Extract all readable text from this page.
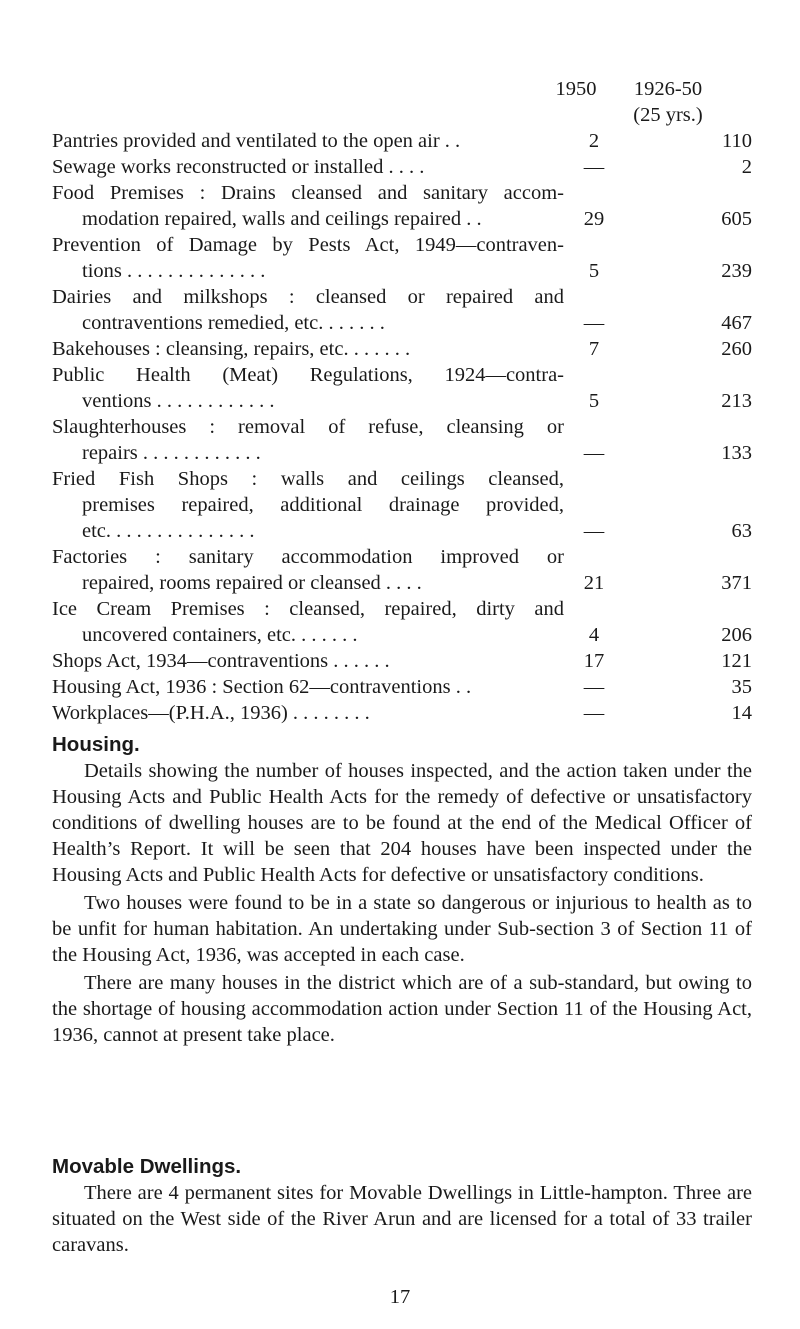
1950	1926-50
(25 yrs.)
Pantries provided and ventilated to the open air . .	2	110
Sewage works reconstructed or installed . . . .	—	2
Food Premises : Drains cleansed and sanitary accom-
modation repaired, walls and ceilings repaired . .	29	605
Prevention of Damage by Pests Act, 1949—contraven-
tions . . . . . . . . . . . . . .	5	239
Dairies and milkshops : cleansed or repaired and
contraventions remedied, etc. . . . . . .	—	467
Bakehouses : cleansing, repairs, etc. . . . . . .	7	260
Public Health (Meat) Regulations, 1924—contra-
ventions . . . . . . . . . . . .	5	213
Slaughterhouses : removal of refuse, cleansing or
repairs . . . . . . . . . . . .	—	133
Fried Fish Shops : walls and ceilings cleansed,
premises repaired, additional drainage provided,
etc. . . . . . . . . . . . . . .	—	63
Factories : sanitary accommodation improved or
repaired, rooms repaired or cleansed . . . .	21	371
Ice Cream Premises : cleansed, repaired, dirty and
uncovered containers, etc. . . . . . .	4	206
Shops Act, 1934—contraventions . . . . . .	17	121
Housing Act, 1936 : Section 62—contraventions . .	—	35
Workplaces—(P.H.A., 1936) . . . . . . . .	—	14
Housing.

Details showing the number of houses inspected, and the action taken under the Housing Acts and Public Health Acts for the remedy of defective or unsatisfactory conditions of dwelling houses are to be found at the end of the Medical Officer of Health’s Report. It will be seen that 204 houses have been inspected under the Housing Acts and Public Health Acts for defective or unsatisfactory conditions.

Two houses were found to be in a state so dangerous or injurious to health as to be unfit for human habitation. An undertaking under Sub-section 3 of Section 11 of the Housing Act, 1936, was accepted in each case.

There are many houses in the district which are of a sub-standard, but owing to the shortage of housing accommodation action under Section 11 of the Housing Act, 1936, cannot at present take place.

Movable Dwellings.

There are 4 permanent sites for Movable Dwellings in Little-hampton. Three are situated on the West side of the River Arun and are licensed for a total of 33 trailer caravans.

17
